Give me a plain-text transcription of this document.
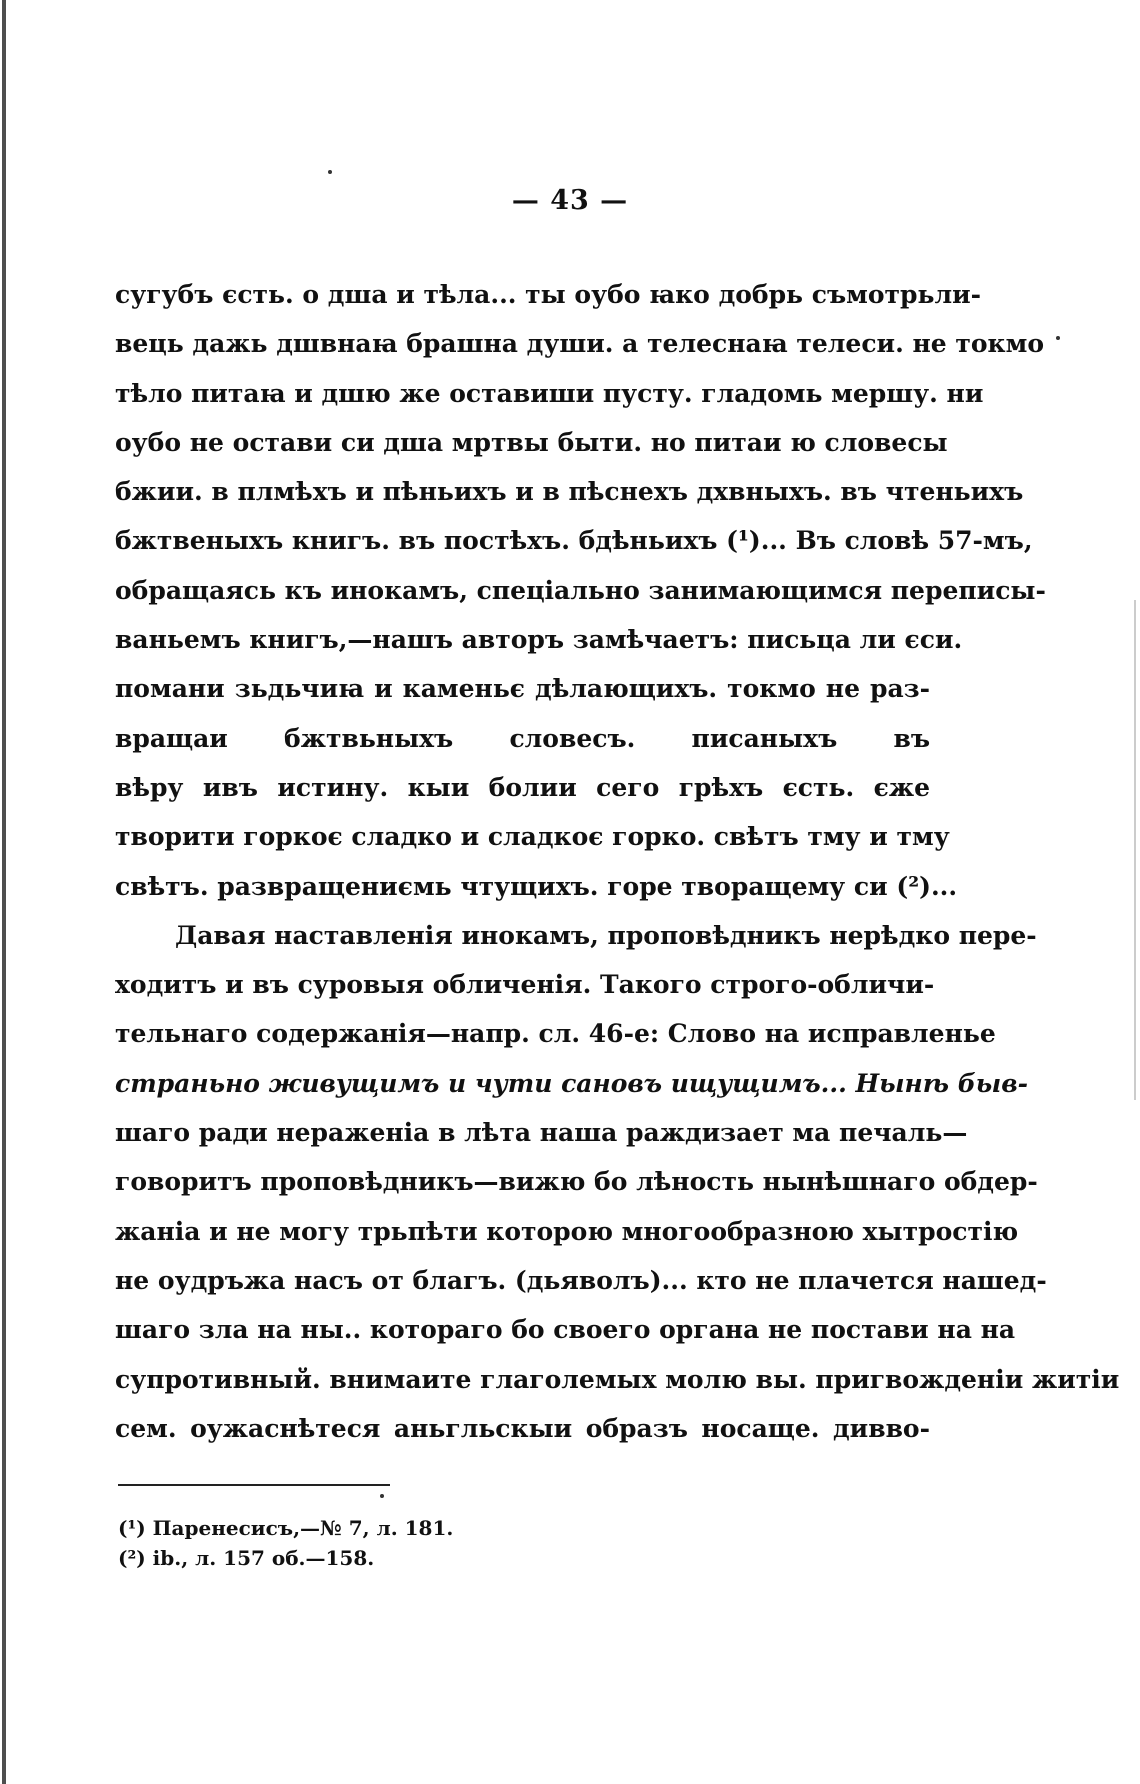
— 43 —
сугубъ єсть. о дша и тѣла... ты оубо ꙗко добрь съмотрьли-
вець дажь дшвнаꙗ брашна души. а телеснаꙗ телеси. не токмо
тѣло питаꙗ и дшю же оставиши пусту. гладомь мершу. ни
оубо не остави си дша мртвы быти. но питаи ю словесы
бжии. в плмѣхъ и пѣньихъ и в пѣснехъ дхвныхъ. въ чтеньихъ
бжтвеныхъ книгъ. въ постѣхъ. бдѣньихъ (¹)... Въ словѣ 57-мъ,
обращаясь къ инокамъ, спеціально занимающимся переписы-
ваньемъ книгъ,—нашъ авторъ замѣчаетъ: письца ли єси.
помани зьдьчиꙗ и каменьє дѣлающихъ. токмо не раз-
вращаи бжтвьныхъ словесъ. писаныхъ въ
вѣру ивъ истину. кыи болии сего грѣхъ єсть. єже
творити горкоє сладко и сладкоє горко. свѣтъ тму и тму
свѣтъ. развращениємь чтущихъ. горе творащему си (²)...
Давая наставленія инокамъ, проповѣдникъ нерѣдко пере-
ходитъ и въ суровыя обличенія. Такого строго-обличи-
тельнаго содержанія—напр. сл. 46-е: Слово на исправленье
страньно живущимъ и чути сановъ ищущимъ... Нынѣ быв-
шаго ради нераженіа в лѣта наша раждизает ма печаль—
говоритъ проповѣдникъ—вижю бо лѣность нынѣшнаго обдер-
жаніа и не могу трьпѣти которою многообразною хытростію
не оудръжа насъ от благъ. (дьяволъ)... кто не плачется нашед-
шаго зла на ны.. котораго бо своего органа не постави на на
супротивный. внимаите глаголемых молю вы. пригвожденіи житіи
сем. оужаснѣтеся аньгльскыи образъ носаще. дивво-
(¹) Паренесисъ,—№ 7, л. 181.
(²) ib., л. 157 об.—158.
